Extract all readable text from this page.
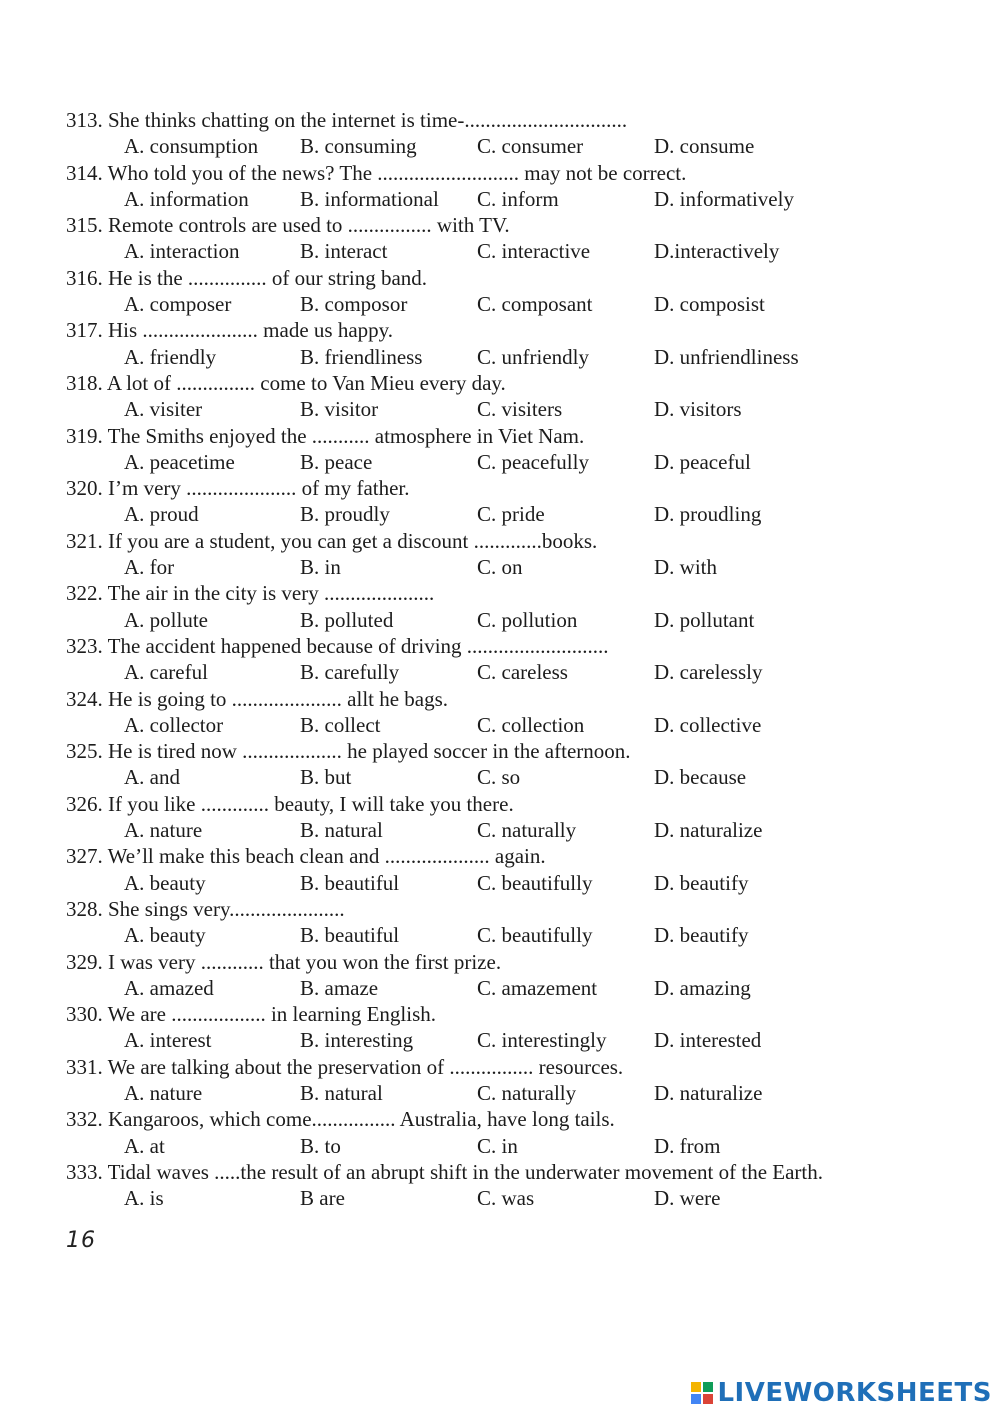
313. She thinks chatting on the internet is time-...............................
A. consumption B. consuming	C. consumer	D. consume
314. Who told you of the news? The ........................... may not be correct.
A. information B. informational C. inform	D. informatively
315. Remote controls are used to ................ with TV.
A. interaction	B. interact	C. interactive	D.interactively
316. He is the ............... of our string band.
A. composer	B. composor	C. composant	D. composist
317. His ...................... made us happy.
A. friendly	B. friendliness	C. unfriendly	D. unfriendliness
318. A lot of ............... come to Van Mieu every day.
A. visiter	B. visitor	C. visiters	D. visitors
319. The Smiths enjoyed the ........... atmosphere in Viet Nam.
A. peacetime	B. peace	C. peacefully	D. peaceful
320. I’m very ..................... of my father.
A. proud	B. proudly	C. pride	D. proudling
321. If you are a student, you can get a discount .............books.
A. for	B. in	C. on	D. with
322. The air in the city is very .....................
A. pollute	B. polluted	C. pollution	D. pollutant
323. The accident happened because of driving ...........................
A. careful	B. carefully	C. careless	D. carelessly
324. He is going to ..................... allt he bags.
A. collector	B. collect	C. collection	D. collective
325. He is tired now ................... he played soccer in the afternoon.
A. and	B. but	C. so	D. because
326. If you like ............. beauty, I will take you there.
A. nature	B. natural	C. naturally	D. naturalize
327. We’ll make this beach clean and .................... again.
A. beauty	B. beautiful	C. beautifully	D. beautify
328. She sings very......................
A. beauty	B. beautiful	C. beautifully	D. beautify
329. I was very ............ that you won the first prize.
A. amazed	B. amaze	C. amazement	D. amazing
330. We are .................. in learning English.
A. interest	B. interesting	C. interestingly D. interested
331. We are talking about the preservation of ................ resources.
A. nature	B. natural	C. naturally	D. naturalize
332. Kangaroos, which come................ Australia, have long tails.
A. at	B. to	C. in	D. from
333. Tidal waves .....the result of an abrupt shift in the underwater movement of the Earth.
A. is	B are	C. was	D. were
16
LIVEWORKSHEETS
